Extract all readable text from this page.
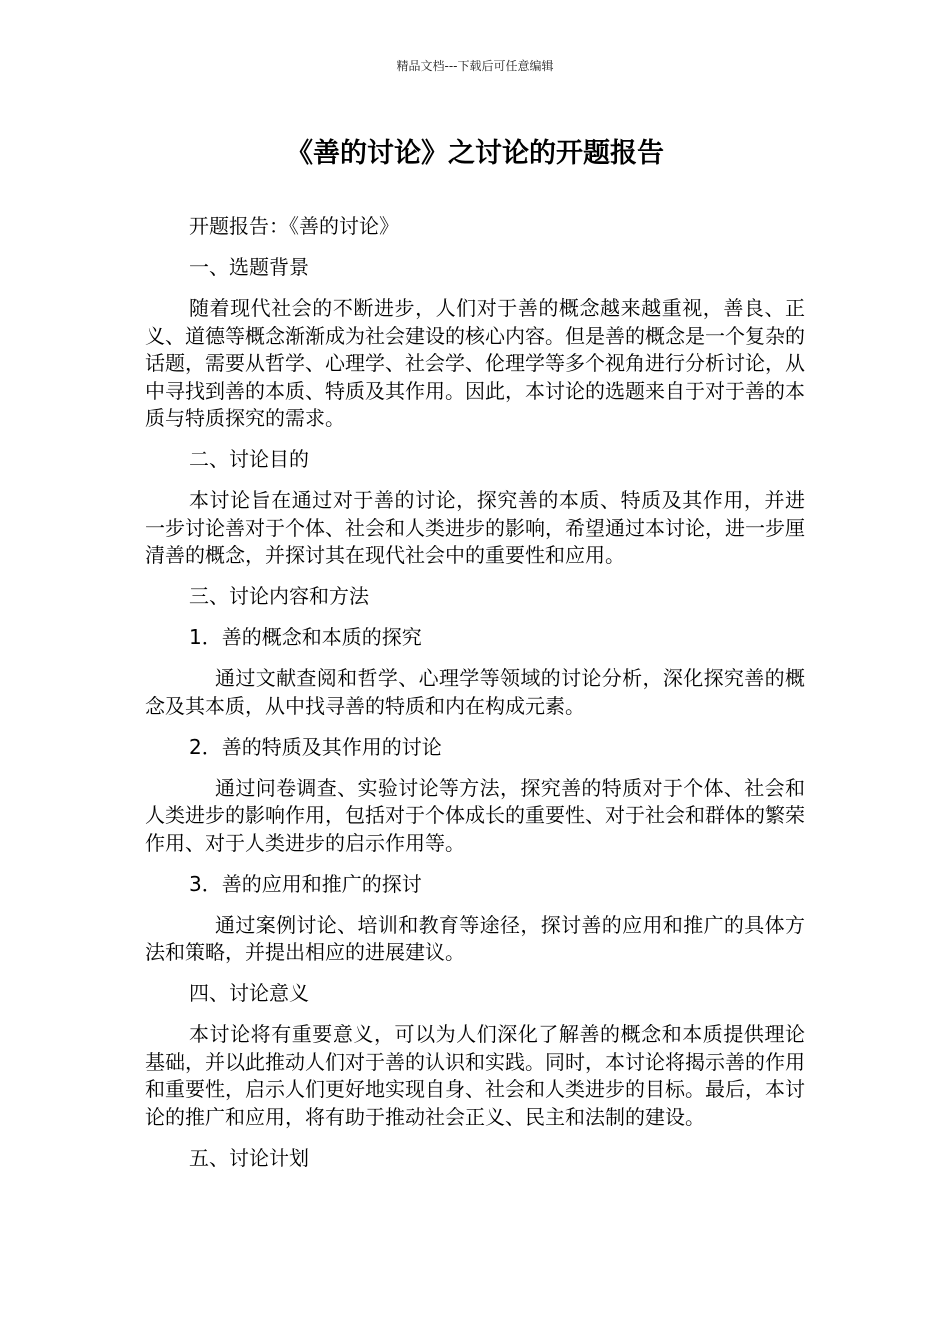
精品文档---下载后可任意编辑
《善的讨论》之讨论的开题报告

开题报告：《善的讨论》

一、选题背景

随着现代社会的不断进步，人们对于善的概念越来越重视，善良、正义、道德等概念渐渐成为社会建设的核心内容。但是善的概念是一个复杂的话题，需要从哲学、心理学、社会学、伦理学等多个视角进行分析讨论，从中寻找到善的本质、特质及其作用。因此，本讨论的选题来自于对于善的本质与特质探究的需求。

二、讨论目的

本讨论旨在通过对于善的讨论，探究善的本质、特质及其作用，并进一步讨论善对于个体、社会和人类进步的影响，希望通过本讨论，进一步厘清善的概念，并探讨其在现代社会中的重要性和应用。

三、讨论内容和方法

1．善的概念和本质的探究

通过文献查阅和哲学、心理学等领域的讨论分析，深化探究善的概念及其本质，从中找寻善的特质和内在构成元素。

2．善的特质及其作用的讨论

通过问卷调查、实验讨论等方法，探究善的特质对于个体、社会和人类进步的影响作用，包括对于个体成长的重要性、对于社会和群体的繁荣作用、对于人类进步的启示作用等。

3．善的应用和推广的探讨

通过案例讨论、培训和教育等途径，探讨善的应用和推广的具体方法和策略，并提出相应的进展建议。

四、讨论意义

本讨论将有重要意义，可以为人们深化了解善的概念和本质提供理论基础，并以此推动人们对于善的认识和实践。同时，本讨论将揭示善的作用和重要性，启示人们更好地实现自身、社会和人类进步的目标。最后，本讨论的推广和应用，将有助于推动社会正义、民主和法制的建设。

五、讨论计划
